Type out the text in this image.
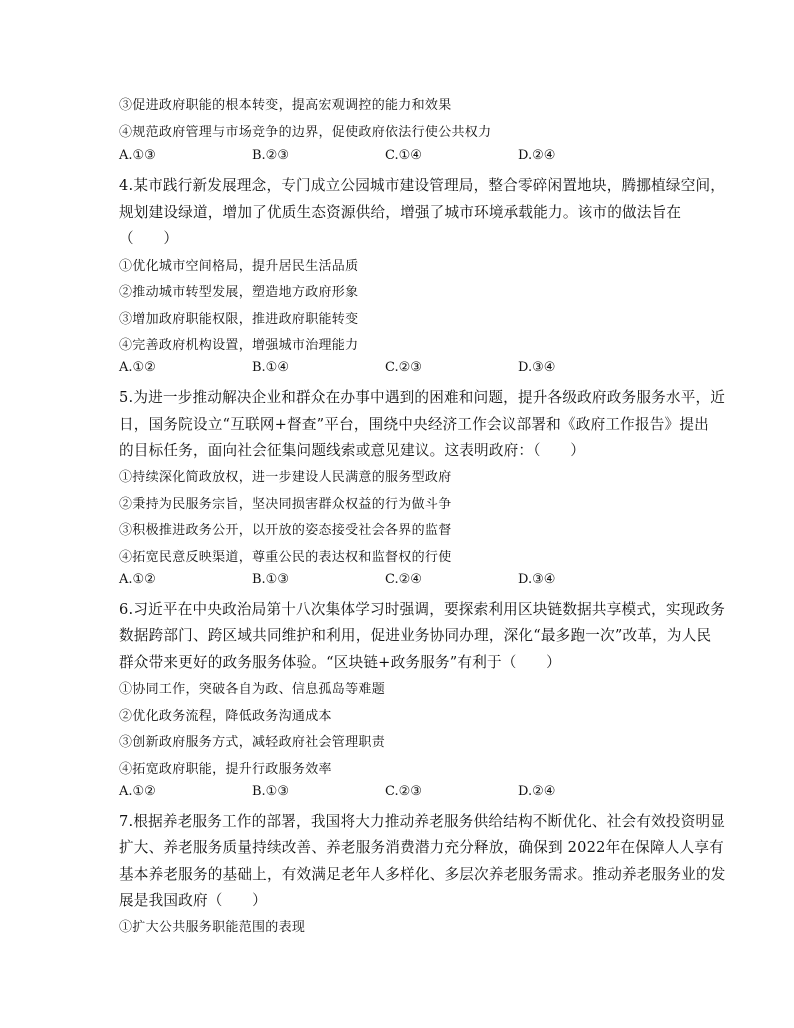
③促进政府职能的根本转变，提高宏观调控的能力和效果
④规范政府管理与市场竞争的边界，促使政府依法行使公共权力
A.①③	B.②③	C.①④	D.②④
4.某市践行新发展理念，专门成立公园城市建设管理局，整合零碎闲置地块，腾挪植绿空间，
规划建设绿道，增加了优质生态资源供给，增强了城市环境承载能力。该市的做法旨在
（　　）
①优化城市空间格局，提升居民生活品质
②推动城市转型发展，塑造地方政府形象
③增加政府职能权限，推进政府职能转变
④完善政府机构设置，增强城市治理能力
A.①②	B.①④	C.②③	D.③④
5.为进一步推动解决企业和群众在办事中遇到的困难和问题，提升各级政府政务服务水平，近
日，国务院设立“互联网+督查”平台，围绕中央经济工作会议部署和《政府工作报告》提出
的目标任务，面向社会征集问题线索或意见建议。这表明政府：（　　）
①持续深化简政放权，进一步建设人民满意的服务型政府
②秉持为民服务宗旨，坚决同损害群众权益的行为做斗争
③积极推进政务公开，以开放的姿态接受社会各界的监督
④拓宽民意反映渠道，尊重公民的表达权和监督权的行使
A.①②	B.①③	C.②④	D.③④
6.习近平在中央政治局第十八次集体学习时强调，要探索利用区块链数据共享模式，实现政务
数据跨部门、跨区域共同维护和利用，促进业务协同办理，深化“最多跑一次”改革，为人民
群众带来更好的政务服务体验。“区块链+政务服务”有利于（　　）
①协同工作，突破各自为政、信息孤岛等难题
②优化政务流程，降低政务沟通成本
③创新政府服务方式，减轻政府社会管理职责
④拓宽政府职能，提升行政服务效率
A.①②	B.①③	C.②③	D.②④
7.根据养老服务工作的部署，我国将大力推动养老服务供给结构不断优化、社会有效投资明显
扩大、养老服务质量持续改善、养老服务消费潜力充分释放，确保到 2022年在保障人人享有
基本养老服务的基础上，有效满足老年人多样化、多层次养老服务需求。推动养老服务业的发
展是我国政府（　　）
①扩大公共服务职能范围的表现
